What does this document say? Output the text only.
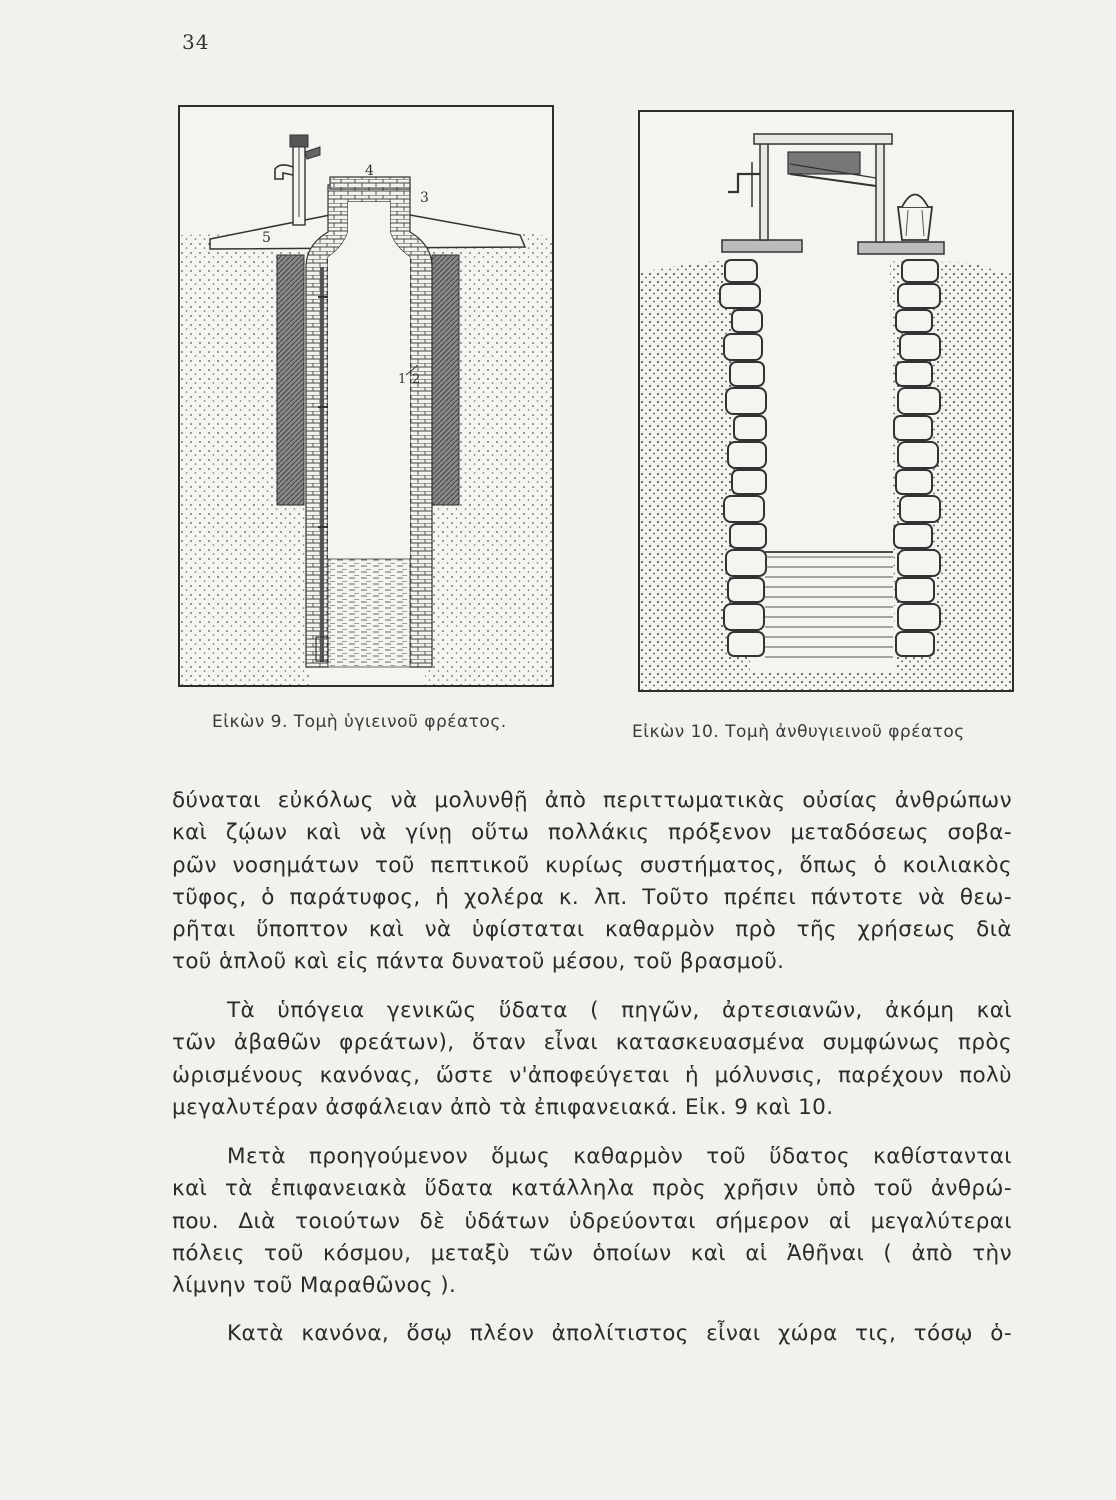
34
3
4
5
1 2
Εἰκὼν 9. Τομὴ ὑγιεινοῦ φρέατος.	Εἰκὼν 10. Τομὴ ἀνθυγιεινοῦ φρέατος
δύναται εὐκόλως νὰ μολυνθῇ ἀπὸ περιττωματικὰς οὐσίας ἀνθρώπων
καὶ ζῴων καὶ νὰ γίνῃ οὕτω πολλάκις πρόξενον μεταδόσεως σοβα-
ρῶν νοσημάτων τοῦ πεπτικοῦ κυρίως συστήματος, ὅπως ὁ κοιλιακὸς
τῦφος, ὁ παράτυφος, ἡ χολέρα κ. λπ. Τοῦτο πρέπει πάντοτε νὰ θεω-
ρῆται ὕποπτον καὶ νὰ ὑφίσταται καθαρμὸν πρὸ τῆς χρήσεως διὰ
τοῦ ἁπλοῦ καὶ εἰς πάντα δυνατοῦ μέσου, τοῦ βρασμοῦ.
Τὰ ὑπόγεια γενικῶς ὕδατα ( πηγῶν, ἀρτεσιανῶν, ἀκόμη καὶ
τῶν ἀβαθῶν φρεάτων), ὅταν εἶναι κατασκευασμένα συμφώνως πρὸς
ὡρισμένους κανόνας, ὥστε ν'ἀποφεύγεται ἡ μόλυνσις, παρέχουν πολὺ
μεγαλυτέραν ἀσφάλειαν ἀπὸ τὰ ἐπιφανειακά. Εἰκ. 9 καὶ 10.
Μετὰ προηγούμενον ὅμως καθαρμὸν τοῦ ὕδατος καθίστανται
καὶ τὰ ἐπιφανειακὰ ὕδατα κατάλληλα πρὸς χρῆσιν ὑπὸ τοῦ ἀνθρώ-
που. Διὰ τοιούτων δὲ ὑδάτων ὑδρεύονται σήμερον αἱ μεγαλύτεραι
πόλεις τοῦ κόσμου, μεταξὺ τῶν ὁποίων καὶ αἱ Ἀθῆναι ( ἀπὸ τὴν
λίμνην τοῦ Μαραθῶνος ).
Κατὰ κανόνα, ὅσῳ πλέον ἀπολίτιστος εἶναι χώρα τις, τόσῳ ὁ-
